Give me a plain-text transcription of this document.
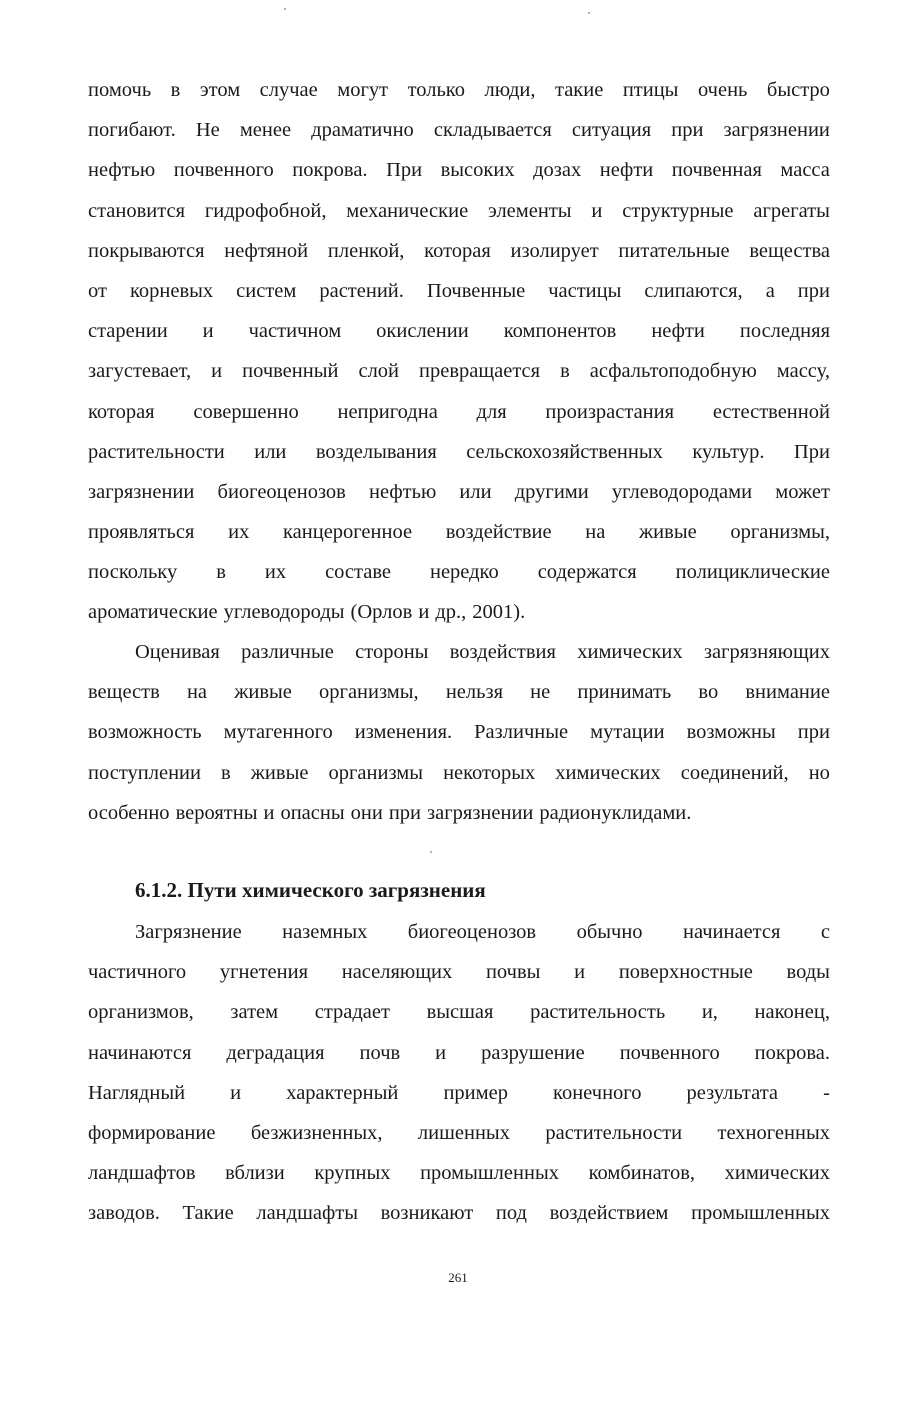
помочь в этом случае могут только люди, такие птицы очень быстро
погибают. Не менее драматично складывается ситуация при загрязнении
нефтью почвенного покрова. При высоких дозах нефти почвенная масса
становится гидрофобной, механические элементы и структурные агрегаты
покрываются нефтяной пленкой, которая изолирует питательные вещества
от корневых систем растений. Почвенные частицы слипаются, а при
старении и частичном окислении компонентов нефти последняя
загустевает, и почвенный слой превращается в асфальтоподобную массу,
которая совершенно непригодна для произрастания естественной
растительности или возделывания сельскохозяйственных культур. При
загрязнении биогеоценозов нефтью или другими углеводородами может
проявляться их канцерогенное воздействие на живые организмы,
поскольку в их составе нередко содержатся полициклические
ароматические углеводороды (Орлов и др., 2001).
Оценивая различные стороны воздействия химических загрязняющих
веществ на живые организмы, нельзя не принимать во внимание
возможность мутагенного изменения. Различные мутации возможны при
поступлении в живые организмы некоторых химических соединений, но
особенно вероятны и опасны они при загрязнении радионуклидами.
6.1.2. Пути химического загрязнения
Загрязнение наземных биогеоценозов обычно начинается с
частичного угнетения населяющих почвы и поверхностные воды
организмов, затем страдает высшая растительность и, наконец,
начинаются деградация почв и разрушение почвенного покрова.
Наглядный и характерный пример конечного результата -
формирование безжизненных, лишенных растительности техногенных
ландшафтов вблизи крупных промышленных комбинатов, химических
заводов. Такие ландшафты возникают под воздействием промышленных
261
